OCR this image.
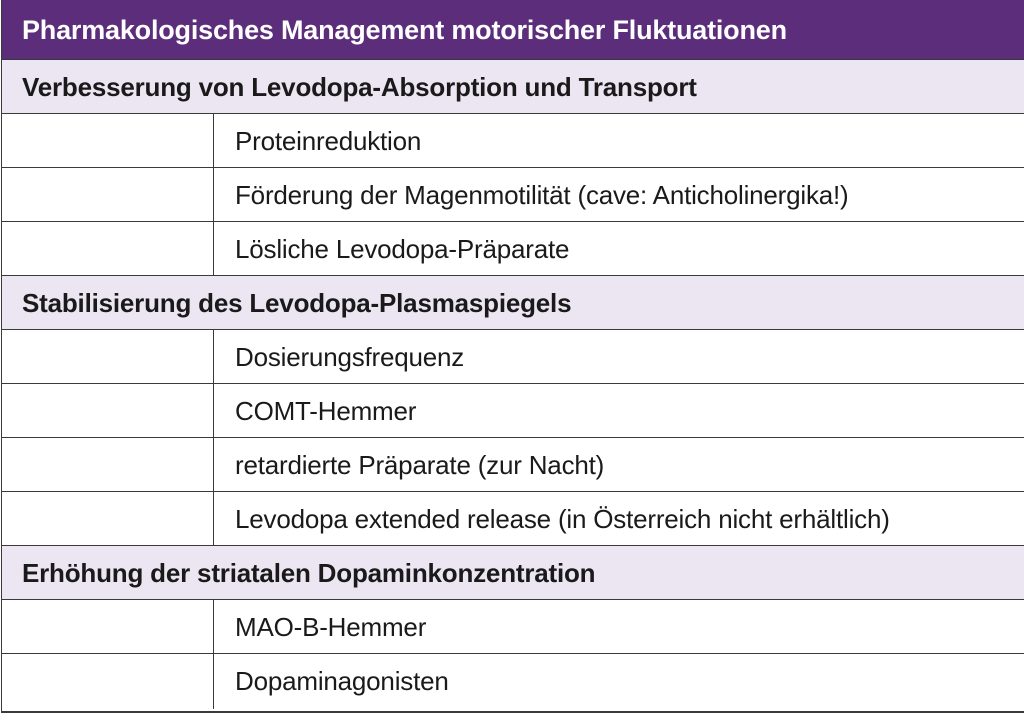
Pharmakologisches Management motorischer Fluktuationen
Verbesserung von Levodopa-Absorption und Transport
Proteinreduktion
Förderung der Magenmotilität (cave: Anticholinergika!)
Lösliche Levodopa-Präparate
Stabilisierung des Levodopa-Plasmaspiegels
Dosierungsfrequenz
COMT-Hemmer
retardierte Präparate (zur Nacht)
Levodopa extended release (in Österreich nicht erhältlich)
Erhöhung der striatalen Dopaminkonzentration
MAO-B-Hemmer
Dopaminagonisten
